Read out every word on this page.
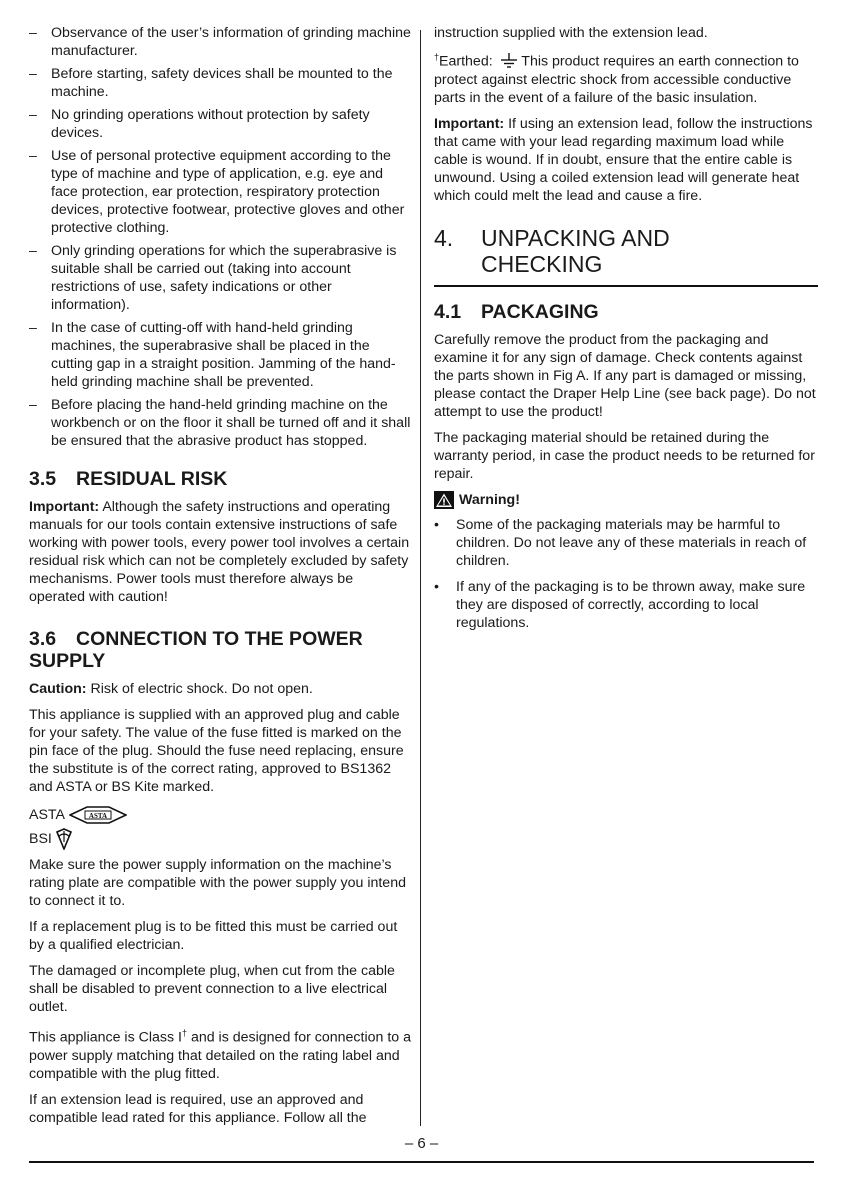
– Observance of the user’s information of grinding machine manufacturer.
– Before starting, safety devices shall be mounted to the machine.
– No grinding operations without protection by safety devices.
– Use of personal protective equipment according to the type of machine and type of application, e.g. eye and face protection, ear protection, respiratory protection devices, protective footwear, protective gloves and other protective clothing.
– Only grinding operations for which the superabrasive is suitable shall be carried out (taking into account restrictions of use, safety indications or other information).
– In the case of cutting-off with hand-held grinding machines, the superabrasive shall be placed in the cutting gap in a straight position. Jamming of the hand-held grinding machine shall be prevented.
– Before placing the hand-held grinding machine on the workbench or on the floor it shall be turned off and it shall be ensured that the abrasive product has stopped.
3.5 RESIDUAL RISK

Important: Although the safety instructions and operating manuals for our tools contain extensive instructions of safe working with power tools, every power tool involves a certain residual risk which can not be completely excluded by safety mechanisms. Power tools must therefore always be operated with caution!

3.6 CONNECTION TO THE POWER
SUPPLY

Caution: Risk of electric shock. Do not open.

This appliance is supplied with an approved plug and cable for your safety. The value of the fuse fitted is marked on the pin face of the plug. Should the fuse need replacing, ensure the substitute is of the correct rating, approved to BS1362 and ASTA or BS Kite marked.

ASTA	ASTA
BSI

Make sure the power supply information on the machine’s rating plate are compatible with the power supply you intend to connect it to.

If a replacement plug is to be fitted this must be carried out by a qualified electrician.

The damaged or incomplete plug, when cut from the cable shall be disabled to prevent connection to a live electrical outlet.

This appliance is Class I† and is designed for connection to a power supply matching that detailed on the rating label and compatible with the plug fitted.

If an extension lead is required, use an approved and compatible lead rated for this appliance. Follow all the

instruction supplied with the extension lead.

†Earthed:  This product requires an earth connection to protect against electric shock from accessible conductive parts in the event of a failure of the basic insulation.

Important: If using an extension lead, follow the instructions that came with your lead regarding maximum load while cable is wound. If in doubt, ensure that the entire cable is unwound. Using a coiled extension lead will generate heat which could melt the lead and cause a fire.

4.	UNPACKING AND
CHECKING
4.1 PACKAGING

Carefully remove the product from the packaging and examine it for any sign of damage. Check contents against the parts shown in Fig A. If any part is damaged or missing, please contact the Draper Help Line (see back page). Do not attempt to use the product!

The packaging material should be retained during the warranty period, in case the product needs to be returned for repair.

Warning!
• Some of the packaging materials may be harmful to children. Do not leave any of these materials in reach of children.
• If any of the packaging is to be thrown away, make sure they are disposed of correctly, according to local regulations.
– 6 –
